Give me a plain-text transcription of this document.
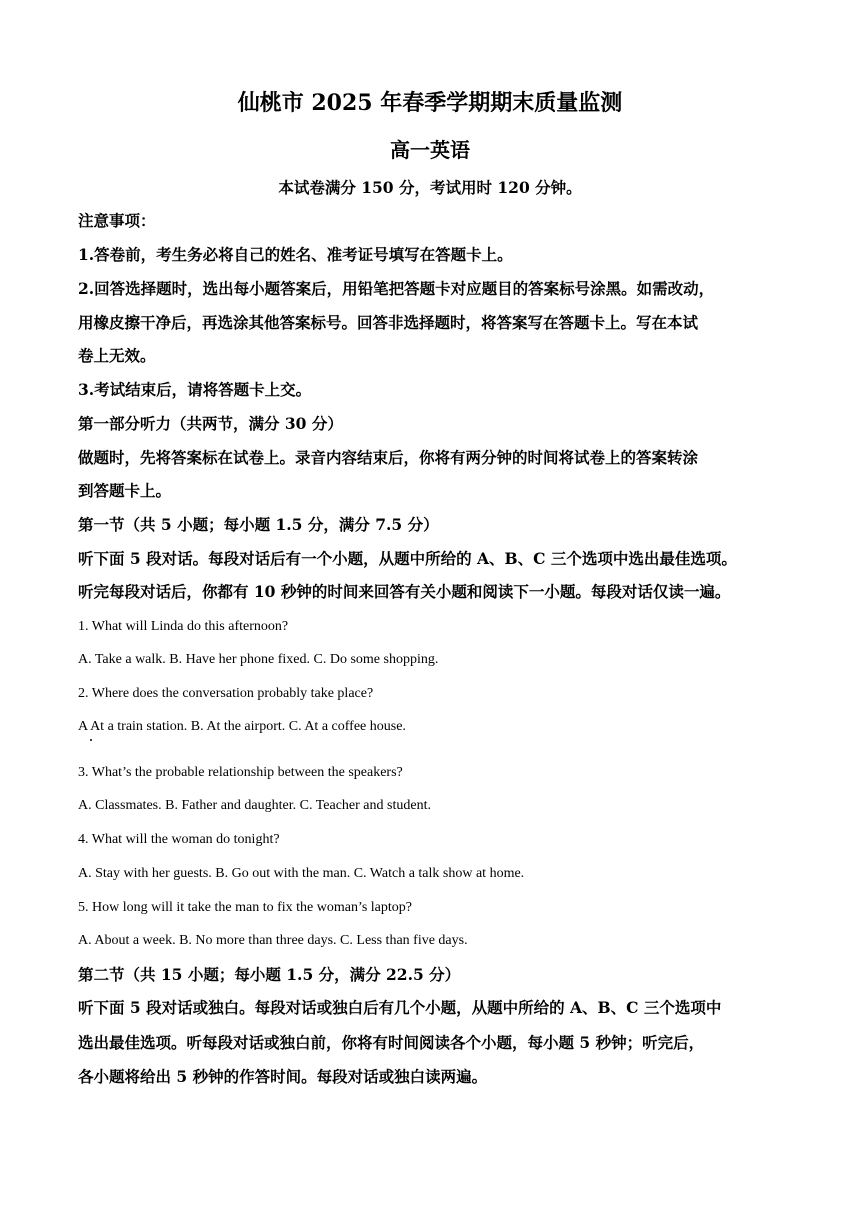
仙桃市 2025 年春季学期期末质量监测
高一英语
本试卷满分 150 分，考试用时 120 分钟。
注意事项：
1.答卷前，考生务必将自己的姓名、准考证号填写在答题卡上。
2.回答选择题时，选出每小题答案后，用铅笔把答题卡对应题目的答案标号涂黑。如需改动，
用橡皮擦干净后，再选涂其他答案标号。回答非选择题时，将答案写在答题卡上。写在本试
卷上无效。
3.考试结束后，请将答题卡上交。
第一部分听力（共两节，满分 30 分）
做题时，先将答案标在试卷上。录音内容结束后，你将有两分钟的时间将试卷上的答案转涂
到答题卡上。
第一节（共 5 小题；每小题 1.5 分，满分 7.5 分）
听下面 5 段对话。每段对话后有一个小题，从题中所给的 A、B、C 三个选项中选出最佳选项。
听完每段对话后，你都有 10 秒钟的时间来回答有关小题和阅读下一小题。每段对话仅读一遍。
1. What will Linda do this afternoon?
A. Take a walk. B. Have her phone fixed. C. Do some shopping.
2. Where does the conversation probably take place?
A At a train station. B. At the airport. C. At a coffee house.
3. What’s the probable relationship between the speakers?
A. Classmates. B. Father and daughter. C. Teacher and student.
4. What will the woman do tonight?
A. Stay with her guests. B. Go out with the man. C. Watch a talk show at home.
5. How long will it take the man to fix the woman’s laptop?
A. About a week. B. No more than three days. C. Less than five days.
第二节（共 15 小题；每小题 1.5 分，满分 22.5 分）
听下面 5 段对话或独白。每段对话或独白后有几个小题，从题中所给的 A、B、C 三个选项中
选出最佳选项。听每段对话或独白前，你将有时间阅读各个小题，每小题 5 秒钟；听完后，
各小题将给出 5 秒钟的作答时间。每段对话或独白读两遍。
